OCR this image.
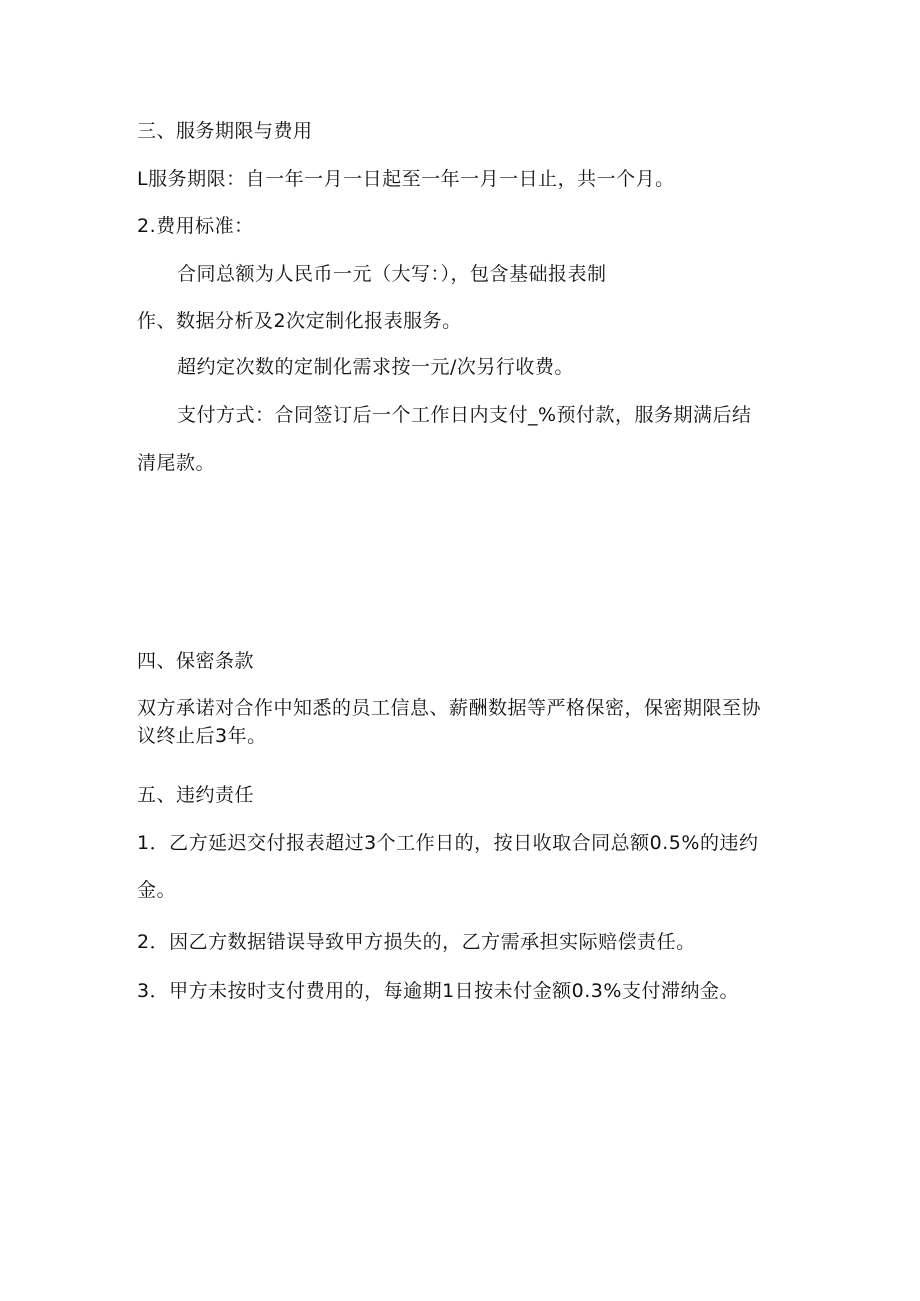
三、服务期限与费用
L服务期限：自一年一月一日起至一年一月一日止，共一个月。
2.费用标准：
合同总额为人民币一元（大写：），包含基础报表制
作、数据分析及2次定制化报表服务。
超约定次数的定制化需求按一元/次另行收费。
支付方式：合同签订后一个工作日内支付_%预付款，服务期满后结
清尾款。
四、保密条款
双方承诺对合作中知悉的员工信息、薪酬数据等严格保密，保密期限至协
议终止后3年。
五、违约责任
1．乙方延迟交付报表超过3个工作日的，按日收取合同总额0.5%的违约
金。
2．因乙方数据错误导致甲方损失的，乙方需承担实际赔偿责任。
3．甲方未按时支付费用的，每逾期1日按未付金额0.3%支付滞纳金。
